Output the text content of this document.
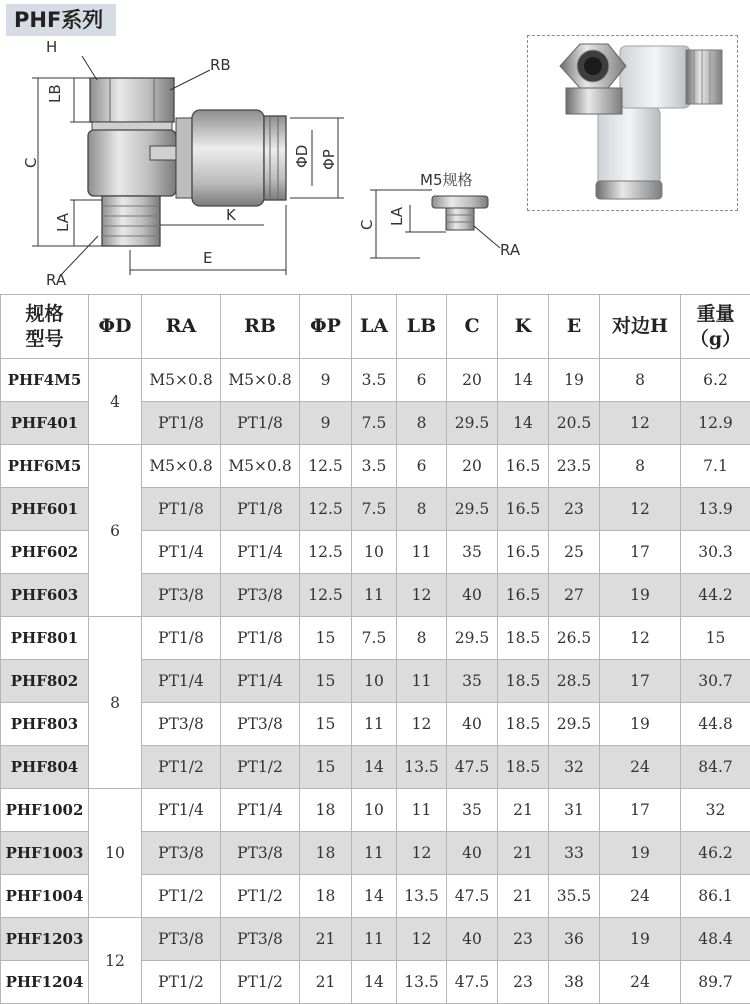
PHF系列
H
RB
LB
C
LA	K
E
RA
ΦD ΦP
M5规格
C LA
RA
规格
型号	ΦD	RA	RB	ΦP	LA	LB	C	K	E	对边H	重量
（g）
PHF4M5	4	M5×0.8	M5×0.8	9	3.5	6	20	14	19	8	6.2
PHF401		PT1/8	PT1/8	9	7.5	8	29.5	14	20.5	12	12.9
PHF6M5	6	M5×0.8	M5×0.8	12.5	3.5	6	20	16.5	23.5	8	7.1
PHF601		PT1/8	PT1/8	12.5	7.5	8	29.5	16.5	23	12	13.9
PHF602		PT1/4	PT1/4	12.5	10	11	35	16.5	25	17	30.3
PHF603		PT3/8	PT3/8	12.5	11	12	40	16.5	27	19	44.2
PHF801	8	PT1/8	PT1/8	15	7.5	8	29.5	18.5	26.5	12	15
PHF802		PT1/4	PT1/4	15	10	11	35	18.5	28.5	17	30.7
PHF803		PT3/8	PT3/8	15	11	12	40	18.5	29.5	19	44.8
PHF804		PT1/2	PT1/2	15	14	13.5	47.5	18.5	32	24	84.7
PHF1002	10	PT1/4	PT1/4	18	10	11	35	21	31	17	32
PHF1003		PT3/8	PT3/8	18	11	12	40	21	33	19	46.2
PHF1004		PT1/2	PT1/2	18	14	13.5	47.5	21	35.5	24	86.1
PHF1203	12	PT3/8	PT3/8	21	11	12	40	23	36	19	48.4
PHF1204		PT1/2	PT1/2	21	14	13.5	47.5	23	38	24	89.7
